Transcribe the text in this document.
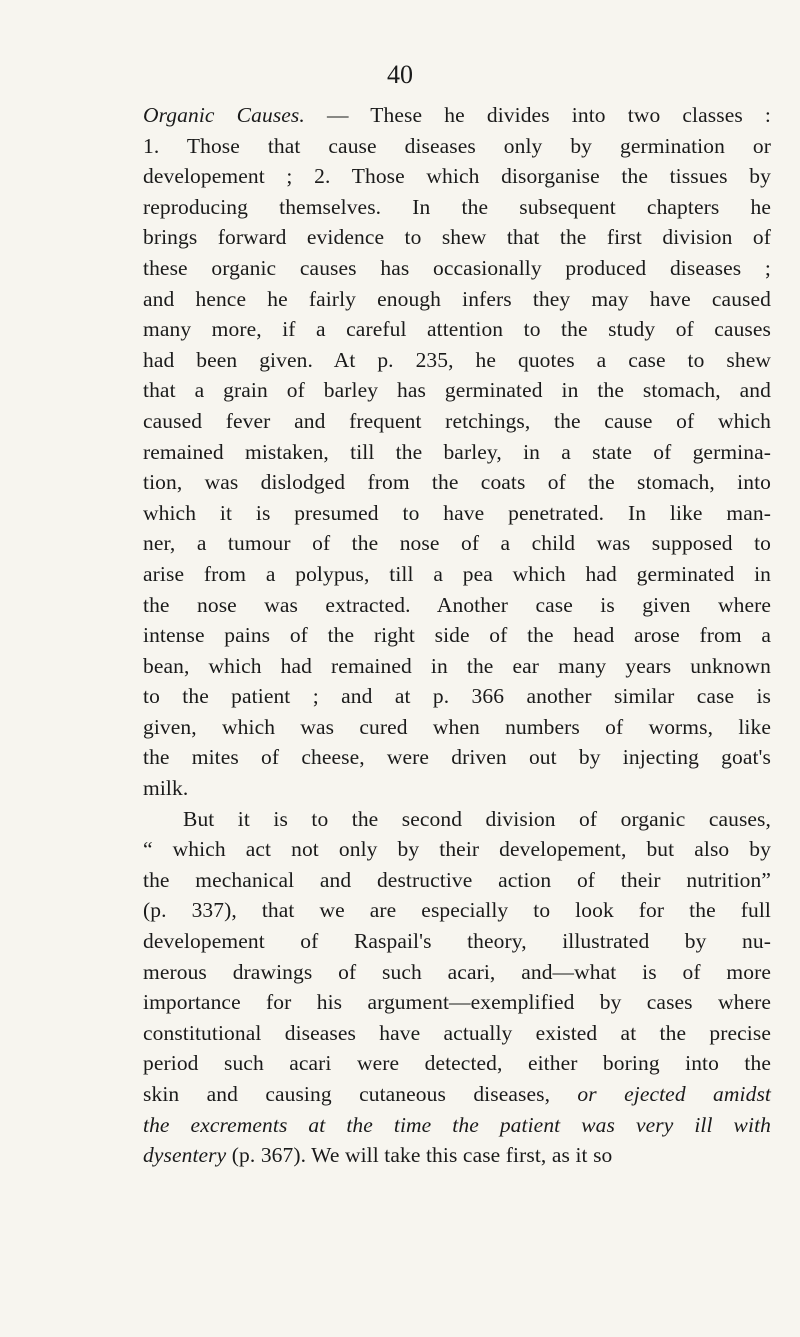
40
Organic Causes. — These he divides into two classes :
1. Those that cause diseases only by germination or
developement ; 2. Those which disorganise the tissues by
reproducing themselves. In the subsequent chapters he
brings forward evidence to shew that the first division of
these organic causes has occasionally produced diseases ;
and hence he fairly enough infers they may have caused
many more, if a careful attention to the study of causes
had been given. At p. 235, he quotes a case to shew
that a grain of barley has germinated in the stomach, and
caused fever and frequent retchings, the cause of which
remained mistaken, till the barley, in a state of germina-
tion, was dislodged from the coats of the stomach, into
which it is presumed to have penetrated. In like man-
ner, a tumour of the nose of a child was supposed to
arise from a polypus, till a pea which had germinated in
the nose was extracted. Another case is given where
intense pains of the right side of the head arose from a
bean, which had remained in the ear many years unknown
to the patient ; and at p. 366 another similar case is
given, which was cured when numbers of worms, like
the mites of cheese, were driven out by injecting goat's
milk.
But it is to the second division of organic causes,
“ which act not only by their developement, but also by
the mechanical and destructive action of their nutrition”
(p. 337), that we are especially to look for the full
developement of Raspail's theory, illustrated by nu-
merous drawings of such acari, and—what is of more
importance for his argument—exemplified by cases where
constitutional diseases have actually existed at the precise
period such acari were detected, either boring into the
skin and causing cutaneous diseases, or ejected amidst
the excrements at the time the patient was very ill with
dysentery (p. 367). We will take this case first, as it so
